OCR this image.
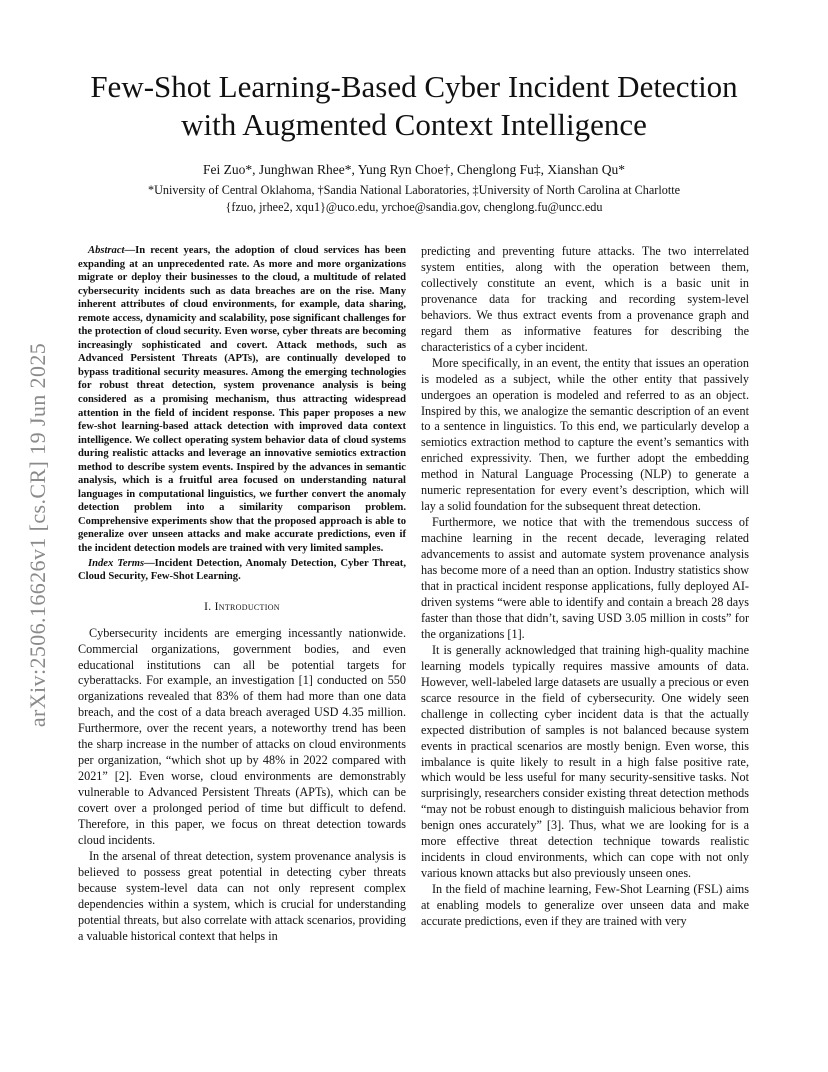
arXiv:2506.16626v1 [cs.CR] 19 Jun 2025
Few-Shot Learning-Based Cyber Incident Detection
with Augmented Context Intelligence
Fei Zuo*, Junghwan Rhee*, Yung Ryn Choe†, Chenglong Fu‡, Xianshan Qu*
*University of Central Oklahoma, †Sandia National Laboratories, ‡University of North Carolina at Charlotte
{fzuo, jrhee2, xqu1}@uco.edu, yrchoe@sandia.gov, chenglong.fu@uncc.edu

Abstract—In recent years, the adoption of cloud services has been expanding at an unprecedented rate. As more and more organizations migrate or deploy their businesses to the cloud, a multitude of related cybersecurity incidents such as data breaches are on the rise. Many inherent attributes of cloud environments, for example, data sharing, remote access, dynamicity and scalability, pose significant challenges for the protection of cloud security. Even worse, cyber threats are becoming increasingly sophisticated and covert. Attack methods, such as Advanced Persistent Threats (APTs), are continually developed to bypass traditional security measures. Among the emerging technologies for robust threat detection, system provenance analysis is being considered as a promising mechanism, thus attracting widespread attention in the field of incident response. This paper proposes a new few-shot learning-based attack detection with improved data context intelligence. We collect operating system behavior data of cloud systems during realistic attacks and leverage an innovative semiotics extraction method to describe system events. Inspired by the advances in semantic analysis, which is a fruitful area focused on understanding natural languages in computational linguistics, we further convert the anomaly detection problem into a similarity comparison problem. Comprehensive experiments show that the proposed approach is able to generalize over unseen attacks and make accurate predictions, even if the incident detection models are trained with very limited samples.

Index Terms—Incident Detection, Anomaly Detection, Cyber Threat, Cloud Security, Few-Shot Learning.

I. Introduction

Cybersecurity incidents are emerging incessantly nationwide. Commercial organizations, government bodies, and even educational institutions can all be potential targets for cyberattacks. For example, an investigation [1] conducted on 550 organizations revealed that 83% of them had more than one data breach, and the cost of a data breach averaged USD 4.35 million. Furthermore, over the recent years, a noteworthy trend has been the sharp increase in the number of attacks on cloud environments per organization, “which shot up by 48% in 2022 compared with 2021” [2]. Even worse, cloud environments are demonstrably vulnerable to Advanced Persistent Threats (APTs), which can be covert over a prolonged period of time but difficult to defend. Therefore, in this paper, we focus on threat detection towards cloud incidents.

In the arsenal of threat detection, system provenance analysis is believed to possess great potential in detecting cyber threats because system-level data can not only represent complex dependencies within a system, which is crucial for understanding potential threats, but also correlate with attack scenarios, providing a valuable historical context that helps in

predicting and preventing future attacks. The two interrelated system entities, along with the operation between them, collectively constitute an event, which is a basic unit in provenance data for tracking and recording system-level behaviors. We thus extract events from a provenance graph and regard them as informative features for describing the characteristics of a cyber incident.

More specifically, in an event, the entity that issues an operation is modeled as a subject, while the other entity that passively undergoes an operation is modeled and referred to as an object. Inspired by this, we analogize the semantic description of an event to a sentence in linguistics. To this end, we particularly develop a semiotics extraction method to capture the event’s semantics with enriched expressivity. Then, we further adopt the embedding method in Natural Language Processing (NLP) to generate a numeric representation for every event’s description, which will lay a solid foundation for the subsequent threat detection.

Furthermore, we notice that with the tremendous success of machine learning in the recent decade, leveraging related advancements to assist and automate system provenance analysis has become more of a need than an option. Industry statistics show that in practical incident response applications, fully deployed AI-driven systems “were able to identify and contain a breach 28 days faster than those that didn’t, saving USD 3.05 million in costs” for the organizations [1].

It is generally acknowledged that training high-quality machine learning models typically requires massive amounts of data. However, well-labeled large datasets are usually a precious or even scarce resource in the field of cybersecurity. One widely seen challenge in collecting cyber incident data is that the actually expected distribution of samples is not balanced because system events in practical scenarios are mostly benign. Even worse, this imbalance is quite likely to result in a high false positive rate, which would be less useful for many security-sensitive tasks. Not surprisingly, researchers consider existing threat detection methods “may not be robust enough to distinguish malicious behavior from benign ones accurately” [3]. Thus, what we are looking for is a more effective threat detection technique towards realistic incidents in cloud environments, which can cope with not only various known attacks but also previously unseen ones.

In the field of machine learning, Few-Shot Learning (FSL) aims at enabling models to generalize over unseen data and make accurate predictions, even if they are trained with very
